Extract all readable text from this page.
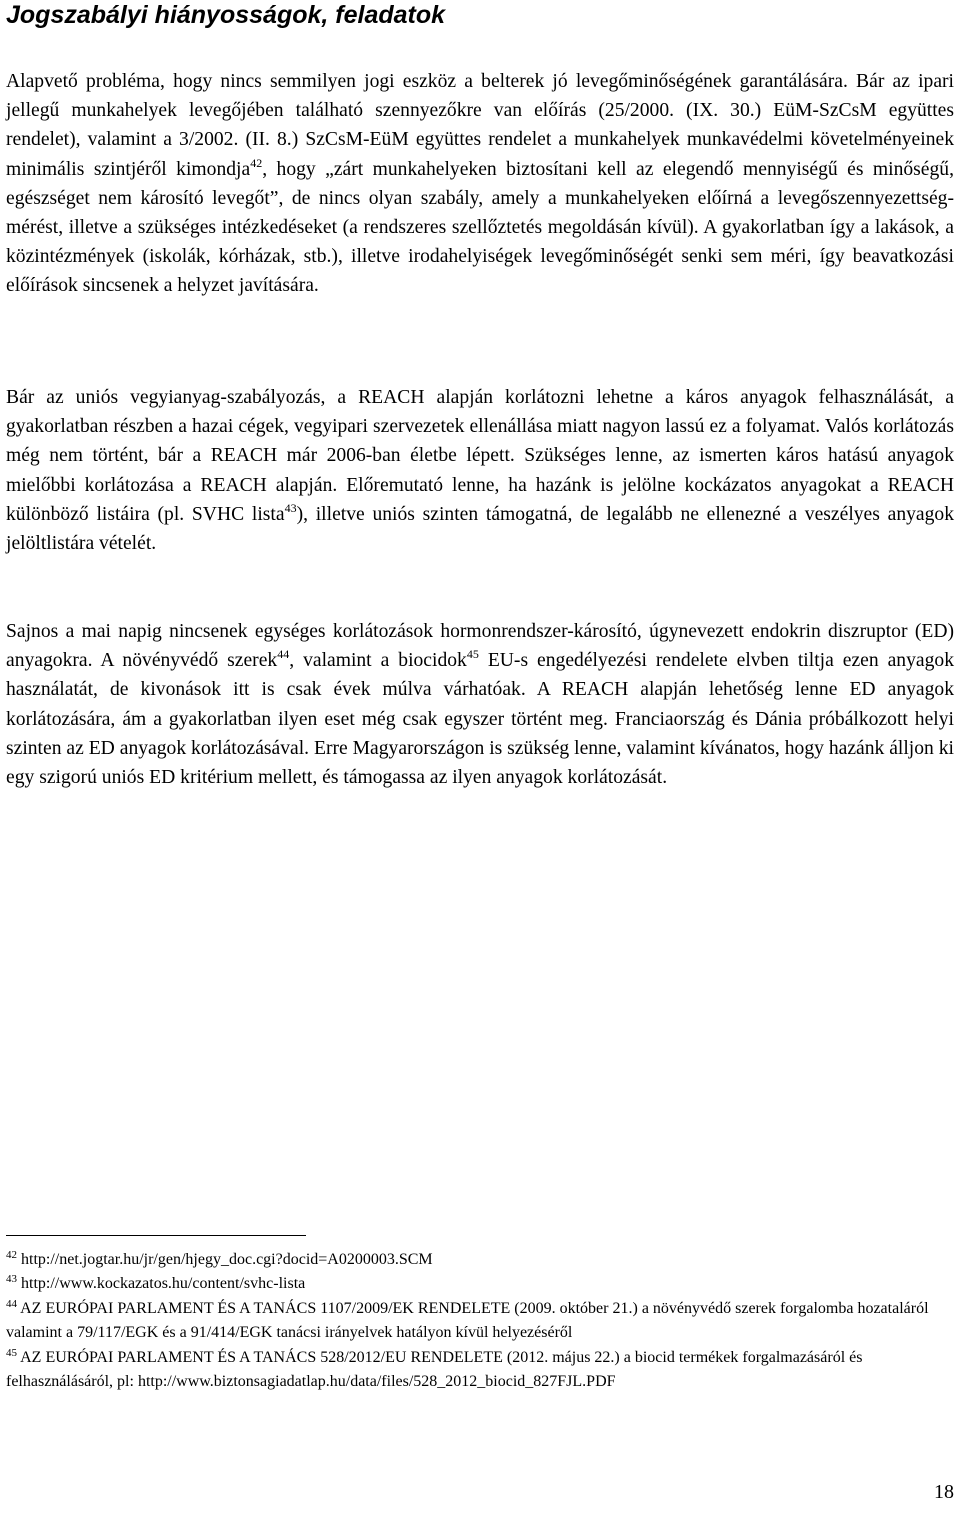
Jogszabályi hiányosságok, feladatok

Alapvető probléma, hogy nincs semmilyen jogi eszköz a belterek jó levegőminőségének garantálására. Bár az ipari jellegű munkahelyek levegőjében található szennyezőkre van előírás (25/2000. (IX. 30.) EüM-SzCsM együttes rendelet), valamint a 3/2002. (II. 8.) SzCsM-EüM együttes rendelet a munkahelyek munkavédelmi követelményeinek minimális szintjéről kimondja$^{42}$, hogy „zárt munkahelyeken biztosítani kell az elegendő mennyiségű és minőségű, egészséget nem károsító levegőt”, de nincs olyan szabály, amely a munkahelyeken előírná a levegőszennyezettség-mérést, illetve a szükséges intézkedéseket (a rendszeres szellőztetés megoldásán kívül). A gyakorlatban így a lakások, a közintézmények (iskolák, kórházak, stb.), illetve irodahelyiségek levegőminőségét senki sem méri, így beavatkozási előírások sincsenek a helyzet javítására.

Bár az uniós vegyianyag-szabályozás, a REACH alapján korlátozni lehetne a káros anyagok felhasználását, a gyakorlatban részben a hazai cégek, vegyipari szervezetek ellenállása miatt nagyon lassú ez a folyamat. Valós korlátozás még nem történt, bár a REACH már 2006-ban életbe lépett. Szükséges lenne, az ismerten káros hatású anyagok mielőbbi korlátozása a REACH alapján. Előremutató lenne, ha hazánk is jelölne kockázatos anyagokat a REACH különböző listáira (pl. SVHC lista$^{43}$), illetve uniós szinten támogatná, de legalább ne ellenezné a veszélyes anyagok jelöltlistára vételét.

Sajnos a mai napig nincsenek egységes korlátozások hormonrendszer-károsító, úgynevezett endokrin diszruptor (ED) anyagokra. A növényvédő szerek$^{44}$, valamint a biocidok$^{45}$ EU-s engedélyezési rendelete elvben tiltja ezen anyagok használatát, de kivonások itt is csak évek múlva várhatóak. A REACH alapján lehetőség lenne ED anyagok korlátozására, ám a gyakorlatban ilyen eset még csak egyszer történt meg. Franciaország és Dánia próbálkozott helyi szinten az ED anyagok korlátozásával. Erre Magyarországon is szükség lenne, valamint kívánatos, hogy hazánk álljon ki egy szigorú uniós ED kritérium mellett, és támogassa az ilyen anyagok korlátozását.

$^{42}$ http://net.jogtar.hu/jr/gen/hjegy_doc.cgi?docid=A0200003.SCM

$^{43}$ http://www.kockazatos.hu/content/svhc-lista

$^{44}$ AZ EURÓPAI PARLAMENT ÉS A TANÁCS 1107/2009/EK RENDELETE (2009. október 21.) a növényvédő szerek forgalomba hozataláról valamint a 79/117/EGK és a 91/414/EGK tanácsi irányelvek hatályon kívül helyezéséről

$^{45}$ AZ EURÓPAI PARLAMENT ÉS A TANÁCS 528/2012/EU RENDELETE (2012. május 22.) a biocid termékek forgalmazásáról és felhasználásáról, pl: http://www.biztonsagiadatlap.hu/data/files/528_2012_biocid_827FJL.PDF

18
